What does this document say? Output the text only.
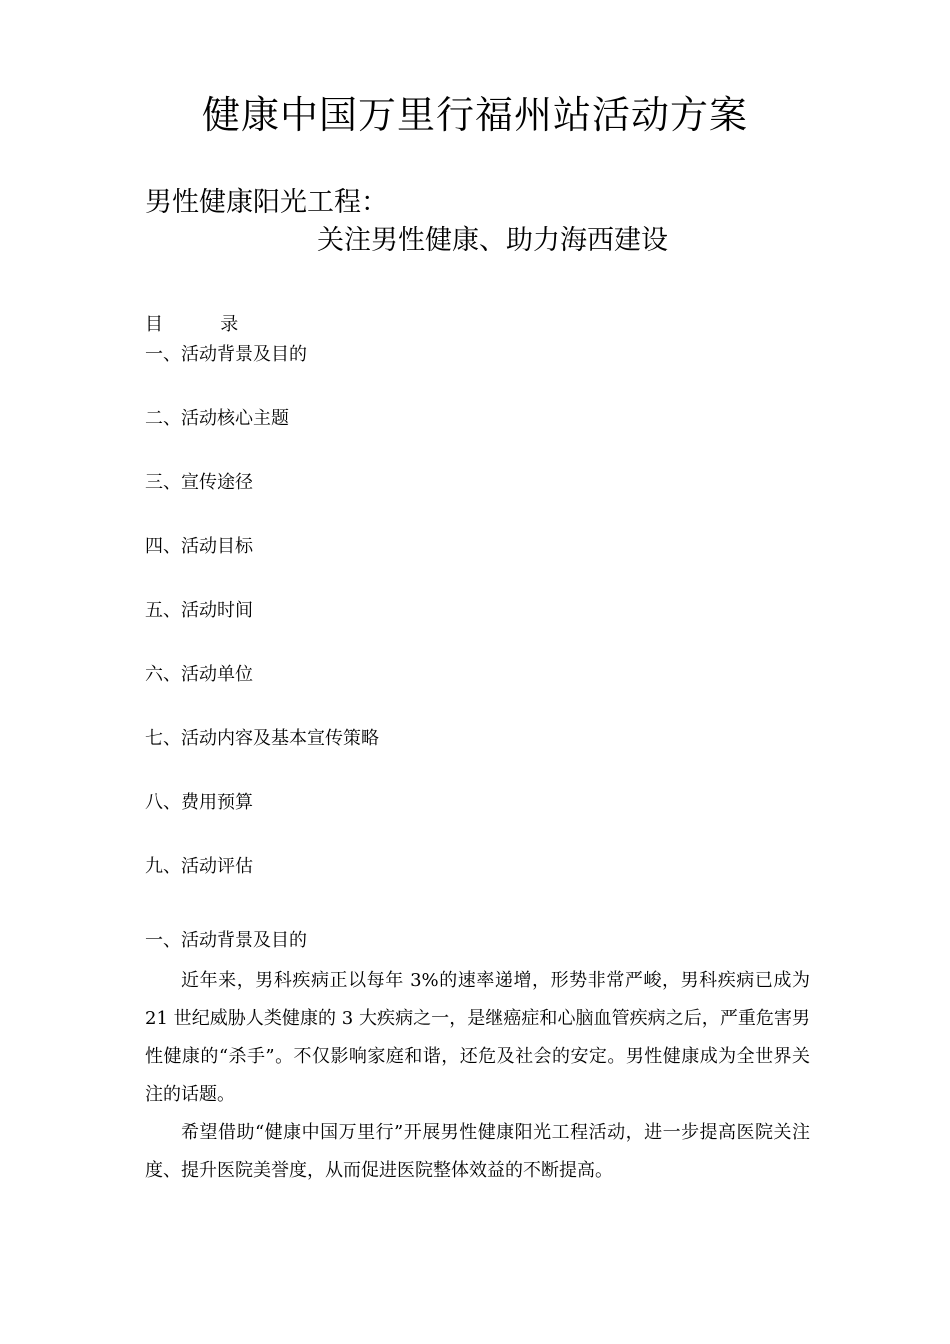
健康中国万里行福州站活动方案
男性健康阳光工程：
关注男性健康、助力海西建设
目          录
一、活动背景及目的
二、活动核心主题
三、宣传途径
四、活动目标
五、活动时间
六、活动单位
七、活动内容及基本宣传策略
八、费用预算
九、活动评估
一、活动背景及目的

近年来，男科疾病正以每年 3%的速率递增，形势非常严峻，男科疾病已成为 21 世纪威胁人类健康的 3 大疾病之一，是继癌症和心脑血管疾病之后，严重危害男性健康的“杀手”。不仅影响家庭和谐，还危及社会的安定。男性健康成为全世界关注的话题。

希望借助“健康中国万里行”开展男性健康阳光工程活动，进一步提高医院关注度、提升医院美誉度，从而促进医院整体效益的不断提高。
